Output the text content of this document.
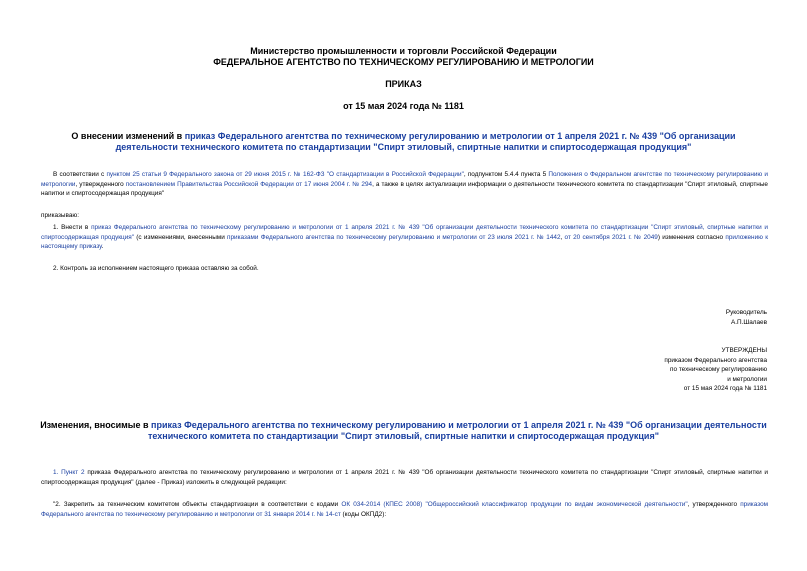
Министерство промышленности и торговли Российской Федерации
ФЕДЕРАЛЬНОЕ АГЕНТСТВО ПО ТЕХНИЧЕСКОМУ РЕГУЛИРОВАНИЮ И МЕТРОЛОГИИ
ПРИКАЗ
от 15 мая 2024 года № 1181
О внесении изменений в приказ Федерального агентства по техническому регулированию и метрологии от 1 апреля 2021 г. № 439 "Об организации деятельности технического комитета по стандартизации "Спирт этиловый, спиртные напитки и спиртосодержащая продукция"
В соответствии с пунктом 25 статьи 9 Федерального закона от 29 июня 2015 г. № 162-ФЗ "О стандартизации в Российской Федерации", подпунктом 5.4.4 пункта 5 Положения о Федеральном агентстве по техническому регулированию и метрологии, утвержденного постановлением Правительства Российской Федерации от 17 июня 2004 г. № 294, а также в целях актуализации информации о деятельности технического комитета по стандартизации "Спирт этиловый, спиртные напитки и спиртосодержащая продукция"
приказываю:
1. Внести в приказ Федерального агентства по техническому регулированию и метрологии от 1 апреля 2021 г. № 439 "Об организации деятельности технического комитета по стандартизации "Спирт этиловый, спиртные напитки и спиртосодержащая продукция" (с изменениями, внесенными приказами Федерального агентства по техническому регулированию и метрологии от 23 июля 2021 г. № 1442, от 20 сентября 2021 г. № 2049) изменения согласно приложению к настоящему приказу.
2. Контроль за исполнением настоящего приказа оставляю за собой.
Руководитель
А.П.Шалаев
УТВЕРЖДЕНЫ
приказом Федерального агентства
по техническому регулированию
и метрологии
от 15 мая 2024 года № 1181
Изменения, вносимые в приказ Федерального агентства по техническому регулированию и метрологии от 1 апреля 2021 г. № 439 "Об организации деятельности технического комитета по стандартизации "Спирт этиловый, спиртные напитки и спиртосодержащая продукция"
1. Пункт 2 приказа Федерального агентства по техническому регулированию и метрологии от 1 апреля 2021 г. № 439 "Об организации деятельности технического комитета по стандартизации "Спирт этиловый, спиртные напитки и спиртосодержащая продукция" (далее - Приказ) изложить в следующей редакции:
"2. Закрепить за техническим комитетом объекты стандартизации в соответствии с кодами ОК 034-2014 (КПЕС 2008) "Общероссийский классификатор продукции по видам экономической деятельности", утвержденного приказом Федерального агентства по техническому регулированию и метрологии от 31 января 2014 г. № 14-ст (коды ОКПД2):
